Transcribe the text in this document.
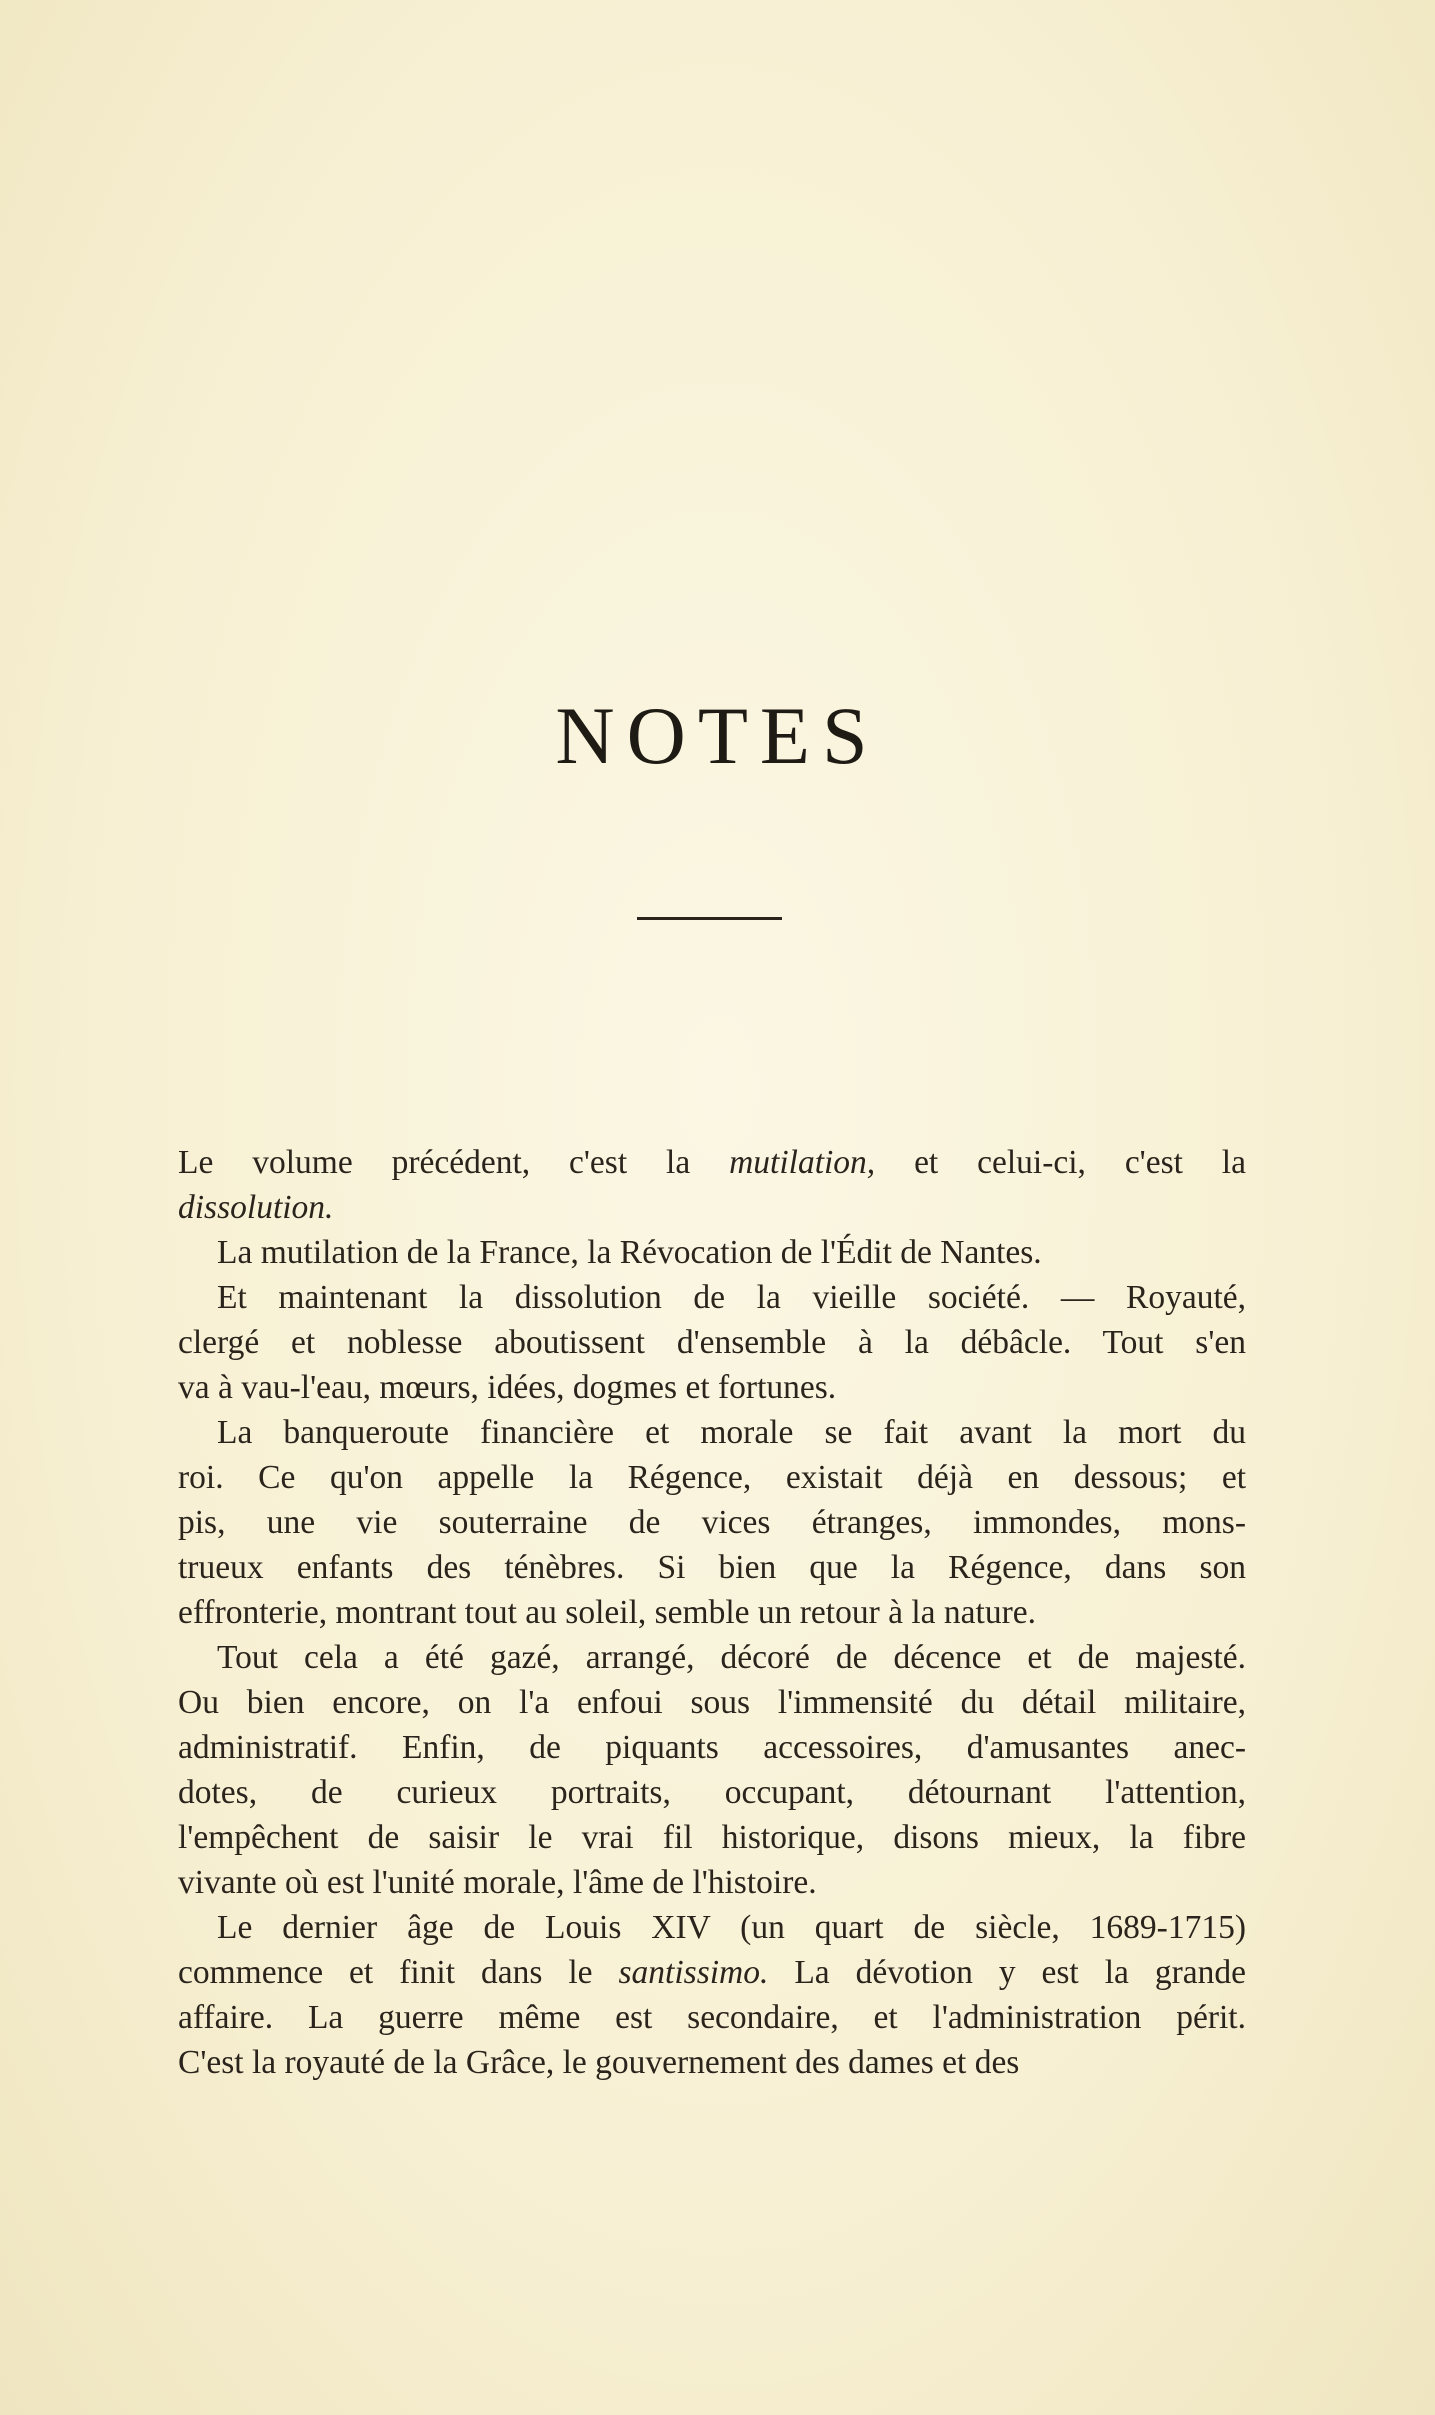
NOTES
Le volume précédent, c'est la mutilation, et celui-ci, c'est la
dissolution.
La mutilation de la France, la Révocation de l'Édit de Nantes.
Et maintenant la dissolution de la vieille société. — Royauté,
clergé et noblesse aboutissent d'ensemble à la débâcle. Tout s'en
va à vau-l'eau, mœurs, idées, dogmes et fortunes.
La banqueroute financière et morale se fait avant la mort du
roi. Ce qu'on appelle la Régence, existait déjà en dessous; et
pis, une vie souterraine de vices étranges, immondes, mons-
trueux enfants des ténèbres. Si bien que la Régence, dans son
effronterie, montrant tout au soleil, semble un retour à la nature.
Tout cela a été gazé, arrangé, décoré de décence et de majesté.
Ou bien encore, on l'a enfoui sous l'immensité du détail militaire,
administratif. Enfin, de piquants accessoires, d'amusantes anec-
dotes, de curieux portraits, occupant, détournant l'attention,
l'empêchent de saisir le vrai fil historique, disons mieux, la fibre
vivante où est l'unité morale, l'âme de l'histoire.
Le dernier âge de Louis XIV (un quart de siècle, 1689-1715)
commence et finit dans le santissimo. La dévotion y est la grande
affaire. La guerre même est secondaire, et l'administration périt.
C'est la royauté de la Grâce, le gouvernement des dames et des
